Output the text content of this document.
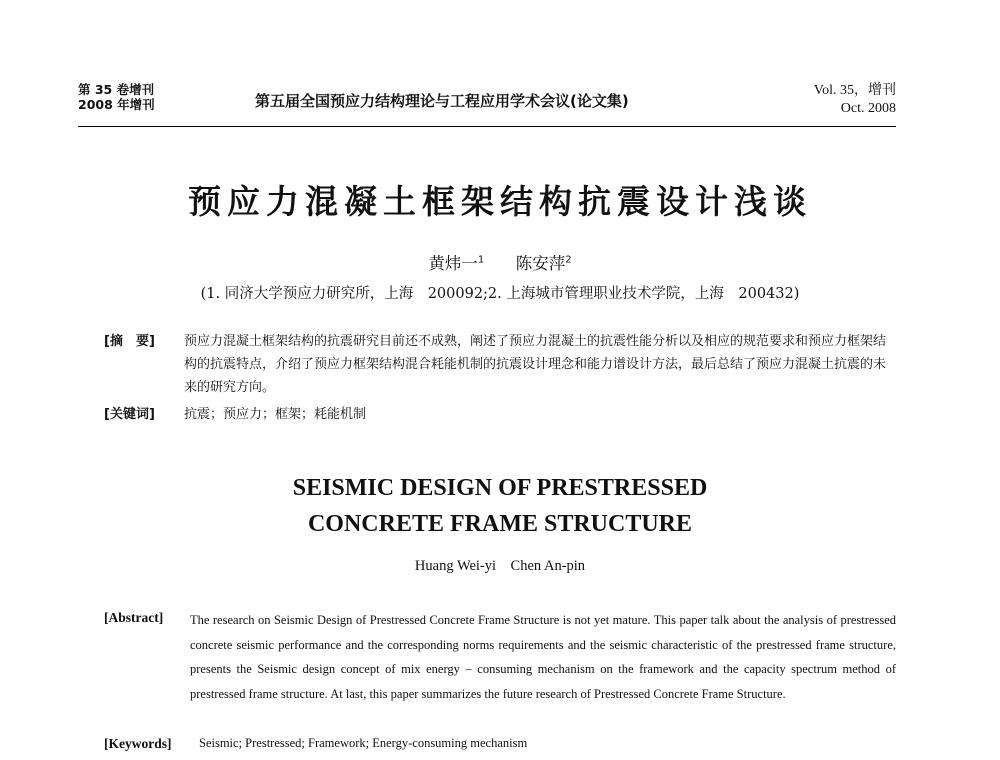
第 35 卷增刊
2008 年增刊	第五届全国预应力结构理论与工程应用学术会议(论文集)
Vol. 35，增刊
Oct. 2008
预应力混凝土框架结构抗震设计浅谈
黄炜一$^1$ 陈安萍$^2$
(1. 同济大学预应力研究所，上海　200092;2. 上海城市管理职业技术学院，上海　200432)
[摘　要] 预应力混凝土框架结构的抗震研究目前还不成熟，阐述了预应力混凝土的抗震性能分析以及相应的规范要求和预应力框架结构的抗震特点，介绍了预应力框架结构混合耗能机制的抗震设计理念和能力谱设计方法，最后总结了预应力混凝土抗震的未来的研究方向。
[关键词] 抗震；预应力；框架；耗能机制
SEISMIC DESIGN OF PRESTRESSED
CONCRETE FRAME STRUCTURE
Huang Wei-yi　Chen An-pin
[Abstract] The research on Seismic Design of Prestressed Concrete Frame Structure is not yet mature. This paper talk about the analysis of prestressed concrete seismic performance and the corresponding norms requirements and the seismic characteristic of the prestressed frame structure, presents the Seismic design concept of mix energy – consuming mechanism on the framework and the capacity spectrum method of prestressed frame structure. At last, this paper summarizes the future research of Prestressed Concrete Frame Structure.
[Keywords] Seismic; Prestressed; Framework; Energy-consuming mechanism
